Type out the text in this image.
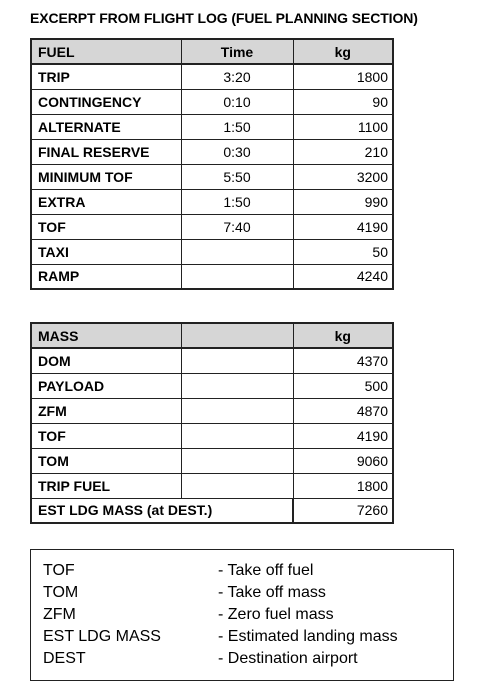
EXCERPT FROM FLIGHT LOG (FUEL PLANNING SECTION)
FUEL	Time	kg
TRIP	3:20	1800
CONTINGENCY	0:10	90
ALTERNATE	1:50	1100
FINAL RESERVE	0:30	210
MINIMUM TOF	5:50	3200
EXTRA	1:50	990
TOF	7:40	4190
TAXI		50
RAMP		4240
MASS		kg
DOM		4370
PAYLOAD		500
ZFM		4870
TOF		4190
TOM		9060
TRIP FUEL		1800
EST LDG MASS (at DEST.)		7260
TOF	- Take off fuel
TOM	- Take off mass
ZFM	- Zero fuel mass
EST LDG MASS	- Estimated landing mass
DEST	- Destination airport
